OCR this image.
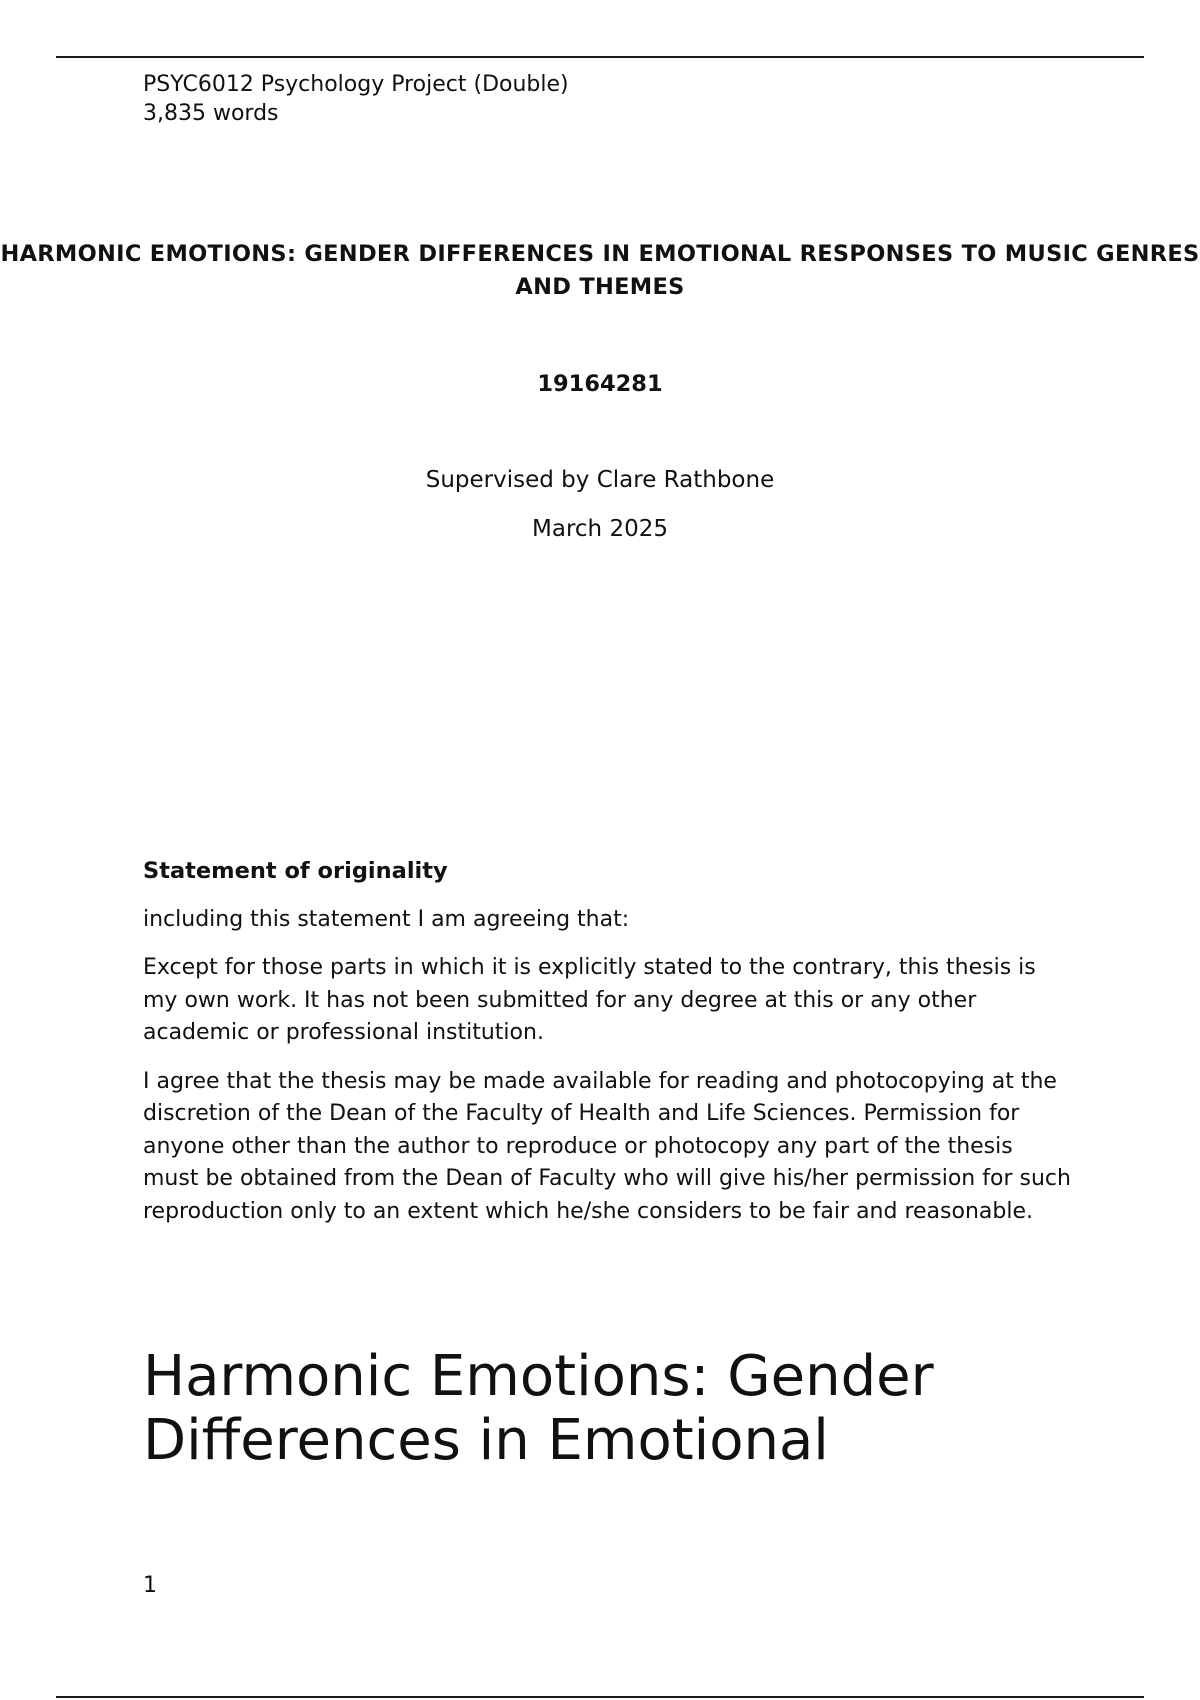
PSYC6012 Psychology Project (Double)
3,835 words
HARMONIC EMOTIONS: GENDER DIFFERENCES IN EMOTIONAL RESPONSES TO MUSIC GENRES AND THEMES
19164281
Supervised by Clare Rathbone
March 2025
Statement of originality

including this statement I am agreeing that:

Except for those parts in which it is explicitly stated to the contrary, this thesis is my own work. It has not been submitted for any degree at this or any other academic or professional institution.

I agree that the thesis may be made available for reading and photocopying at the discretion of the Dean of the Faculty of Health and Life Sciences. Permission for anyone other than the author to reproduce or photocopy any part of the thesis must be obtained from the Dean of Faculty who will give his/her permission for such reproduction only to an extent which he/she considers to be fair and reasonable.

Harmonic Emotions: Gender Differences in Emotional
1
